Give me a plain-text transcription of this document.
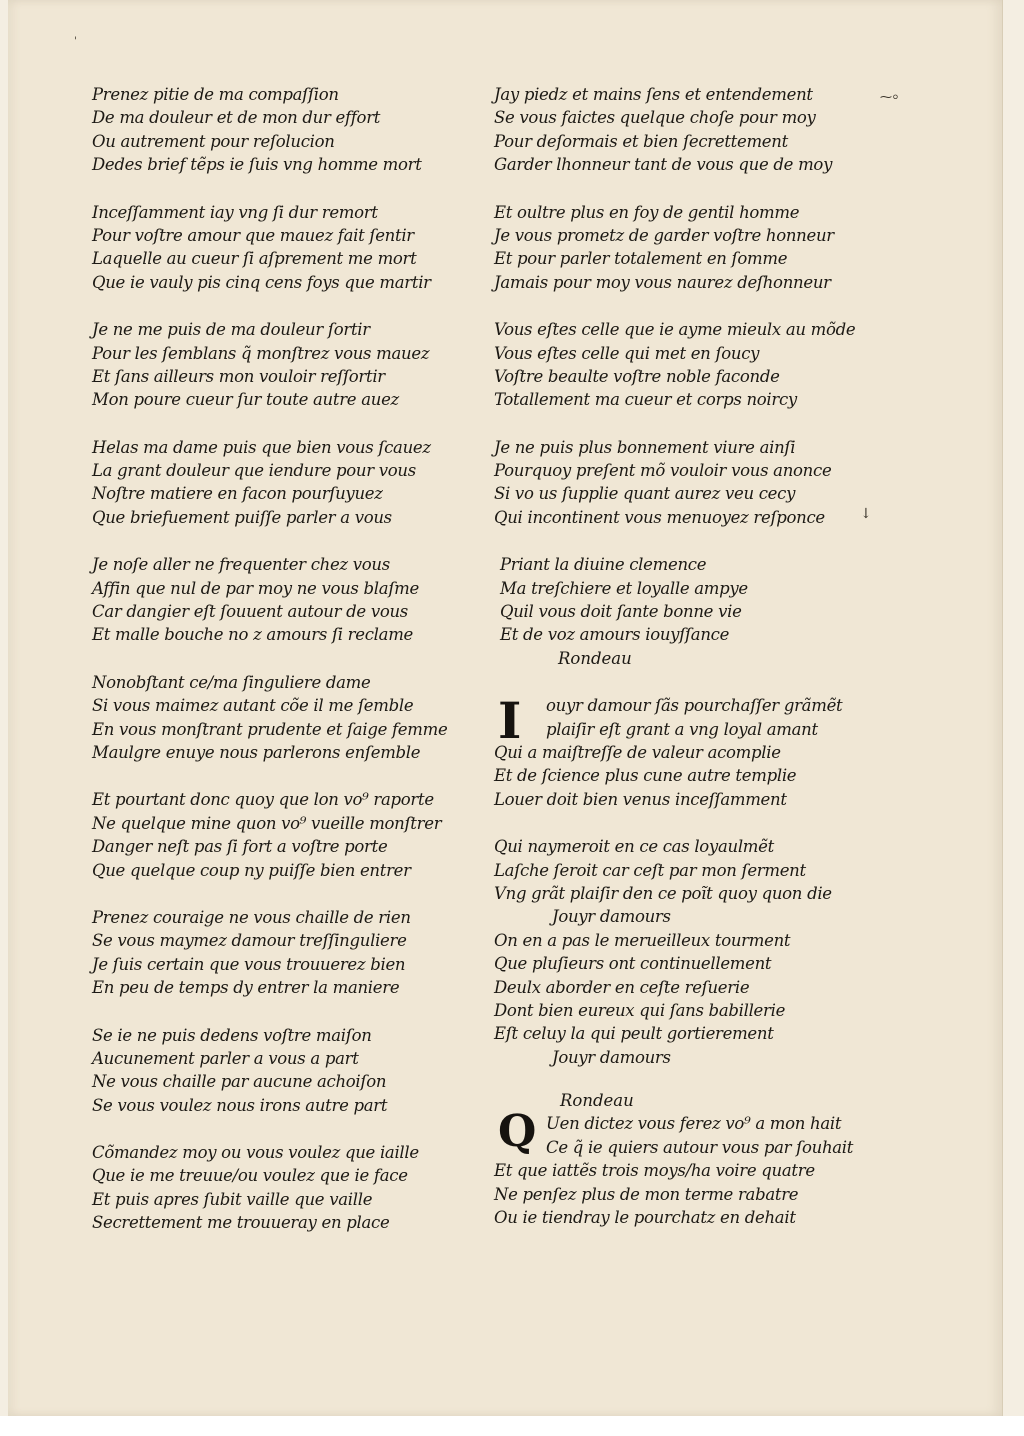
'
⁓⸰
↓
Prenez pitie de ma compaſſion
De ma douleur et de mon dur effort
Ou autrement pour reſolucion
Dedes brief tẽps ie ſuis vng homme mort
Inceſſamment iay vng ſi dur remort
Pour voſtre amour que mauez fait ſentir
Laquelle au cueur ſi aſprement me mort
Que ie vauly pis cinq cens foys que martir
Je ne me puis de ma douleur ſortir
Pour les ſemblans q̃ monſtrez vous mauez
Et ſans ailleurs mon vouloir reſſortir
Mon poure cueur ſur toute autre auez
Helas ma dame puis que bien vous ſcauez
La grant douleur que iendure pour vous
Noſtre matiere en facon pourſuyuez
Que briefuement puiſſe parler a vous
Je noſe aller ne frequenter chez vous
Affin que nul de par moy ne vous blaſme
Car dangier eſt ſouuent autour de vous
Et malle bouche no z amours ſi reclame
Nonobſtant ce/ma ſinguliere dame
Si vous maimez autant cõe il me ſemble
En vous monſtrant prudente et ſaige femme
Maulgre enuye nous parlerons enſemble
Et pourtant donc quoy que lon vo⁹ raporte
Ne quelque mine quon vo⁹ vueille monſtrer
Danger neſt pas ſi fort a voſtre porte
Que quelque coup ny puiſſe bien entrer
Prenez couraige ne vous chaille de rien
Se vous maymez damour treſſinguliere
Je ſuis certain que vous trouuerez bien
En peu de temps dy entrer la maniere
Se ie ne puis dedens voſtre maiſon
Aucunement parler a vous a part
Ne vous chaille par aucune achoiſon
Se vous voulez nous irons autre part
Cõmandez moy ou vous voulez que iaille
Que ie me treuue/ou voulez que ie face
Et puis apres ſubit vaille que vaille
Secrettement me trouueray en place
Jay piedz et mains ſens et entendement
Se vous faictes quelque choſe pour moy
Pour deſormais et bien ſecrettement
Garder lhonneur tant de vous que de moy
Et oultre plus en foy de gentil homme
Je vous prometz de garder voſtre honneur
Et pour parler totalement en ſomme
Jamais pour moy vous naurez deſhonneur
Vous eſtes celle que ie ayme mieulx au mõde
Vous eſtes celle qui met en ſoucy
Voſtre beaulte voſtre noble faconde
Totallement ma cueur et corps noircy
Je ne puis plus bonnement viure ainſi
Pourquoy preſent mõ vouloir vous anonce
Si vo us ſupplie quant aurez veu cecy
Qui incontinent vous menuoyez reſponce
Priant la diuine clemence
Ma treſchiere et loyalle ampye
Quil vous doit ſante bonne vie
Et de voz amours iouyſſance
Rondeau
I	ouyr damour ſãs pourchaſſer grãmẽt
plaiſir eſt grant a vng loyal amant
Qui a maiſtreſſe de valeur acomplie
Et de ſcience plus cune autre templie
Louer doit bien venus inceſſamment
Qui naymeroit en ce cas loyaulmẽt
Laſche ſeroit car ceſt par mon ſerment
Vng grãt plaiſir den ce poĩt quoy quon die
Jouyr damours
On en a pas le merueilleux tourment
Que pluſieurs ont continuellement
Deulx aborder en ceſte reſuerie
Dont bien eureux qui ſans babillerie
Eſt celuy la qui peult gortierement
Jouyr damours
Rondeau
Q Uen dictez vous ferez vo⁹ a mon hait
Ce q̃ ie quiers autour vous par ſouhait
Et que iattẽs trois moys/ha voire quatre
Ne penſez plus de mon terme rabatre
Ou ie tiendray le pourchatz en dehait
